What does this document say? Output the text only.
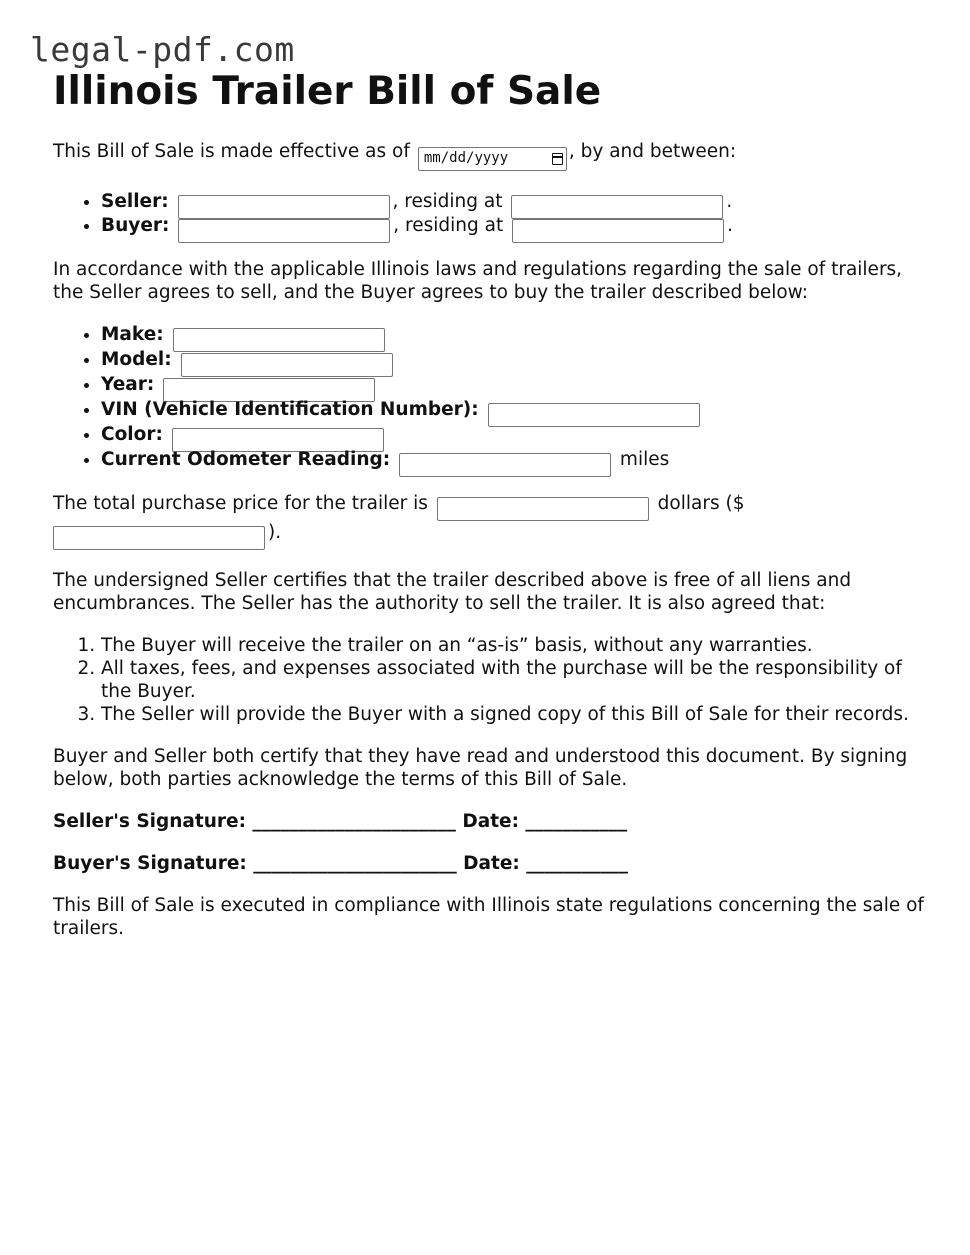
legal-pdf.com
Illinois Trailer Bill of Sale

This Bill of Sale is made effective as of mm/dd/yyyy	, by and between:

• Seller:	, residing at	.
• Buyer:	, residing at	.

In accordance with the applicable Illinois laws and regulations regarding the sale of trailers, the Seller agrees to sell, and the Buyer agrees to buy the trailer described below:

• Make:
• Model:
• Year:
• VIN (Vehicle Identification Number):
• Color:
• Current Odometer Reading:	miles

The total purchase price for the trailer is	dollars ($
).

The undersigned Seller certifies that the trailer described above is free of all liens and encumbrances. The Seller has the authority to sell the trailer. It is also agreed that:

1. The Buyer will receive the trailer on an “as-is” basis, without any warranties.
2. All taxes, fees, and expenses associated with the purchase will be the responsibility of the Buyer.
3. The Seller will provide the Buyer with a signed copy of this Bill of Sale for their records.

Buyer and Seller both certify that they have read and understood this document. By signing below, both parties acknowledge the terms of this Bill of Sale.

Seller's Signature: ______________________ Date: ___________

Buyer's Signature: ______________________ Date: ___________

This Bill of Sale is executed in compliance with Illinois state regulations concerning the sale of trailers.
